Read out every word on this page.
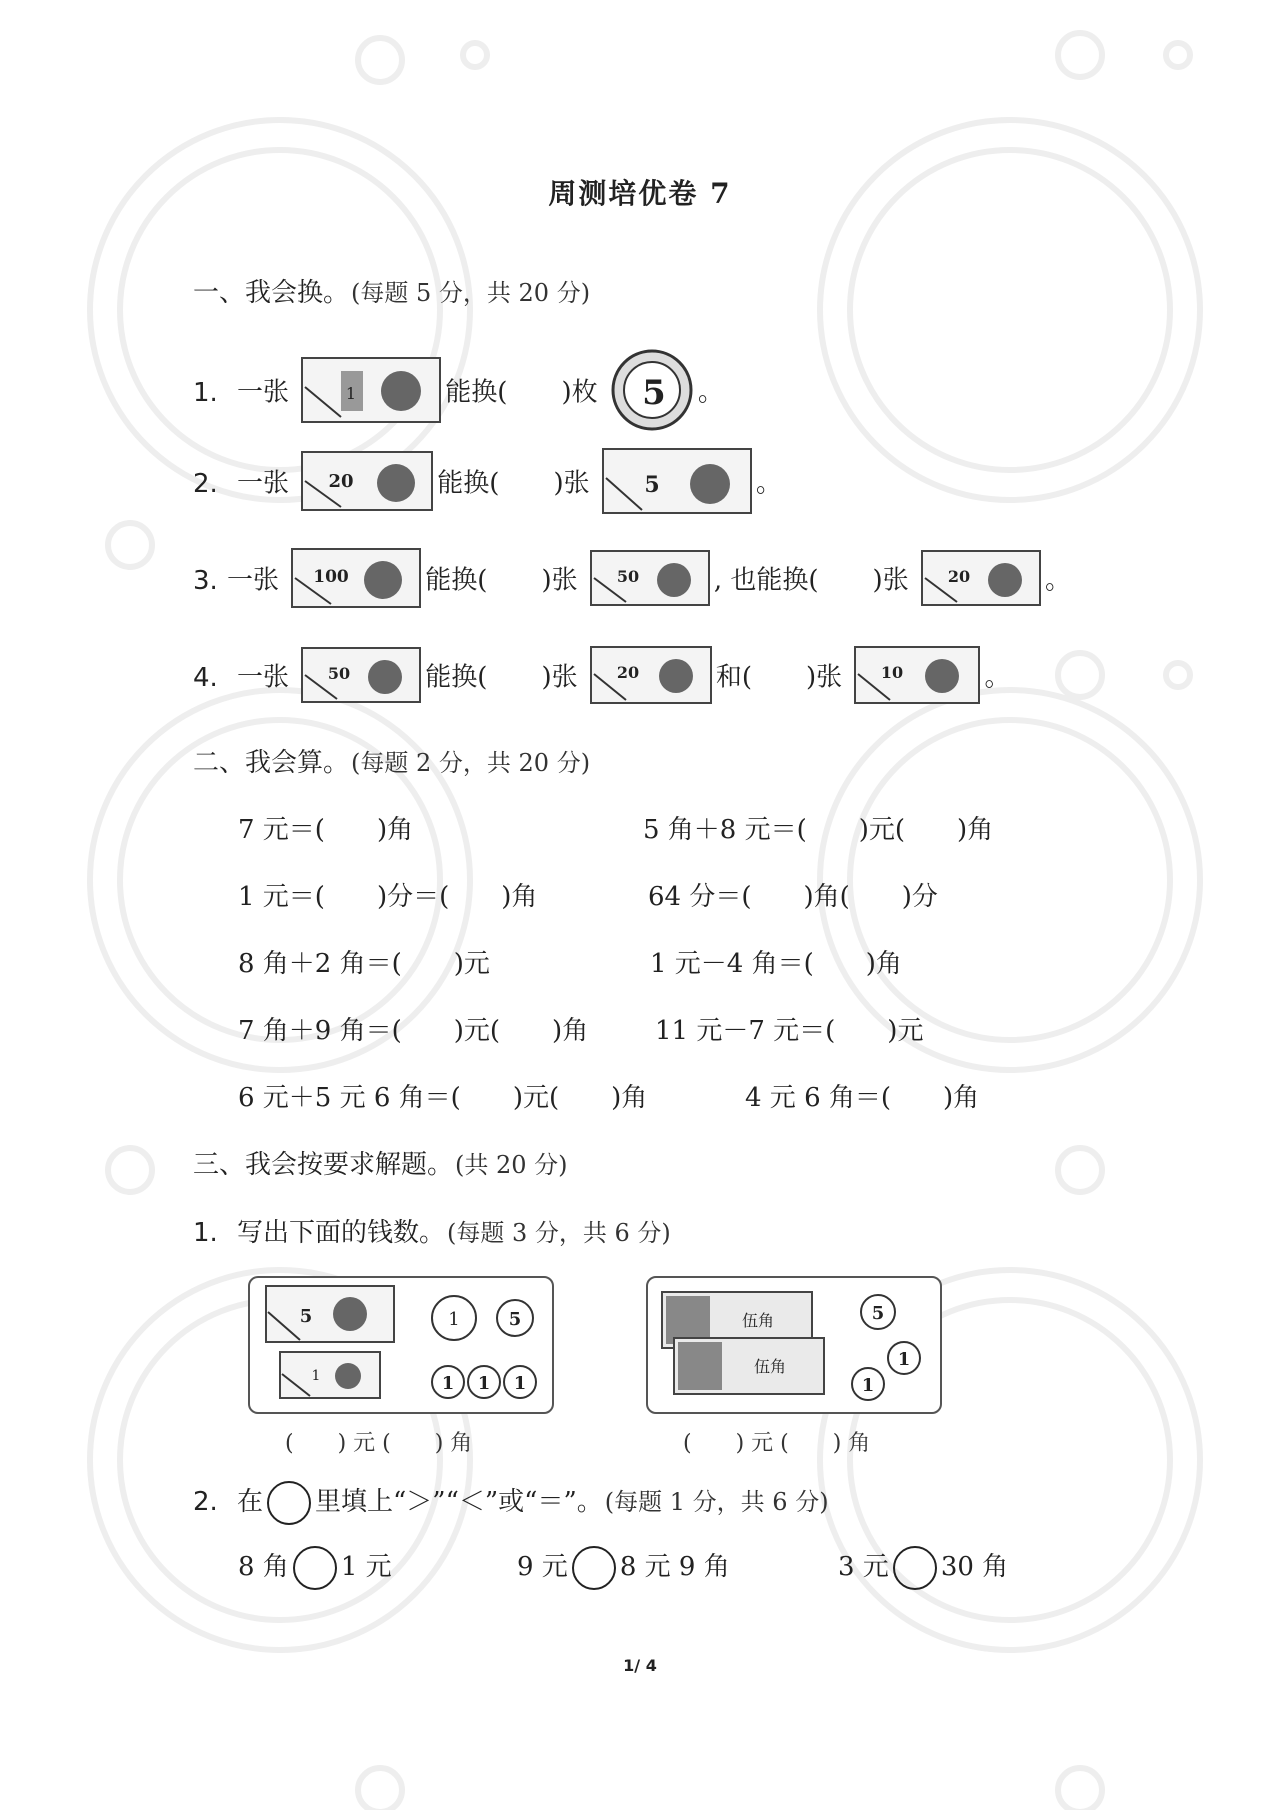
周测培优卷 7
一、我会换。(每题 5 分，共 20 分)
1. 一张	1	能换( )枚 5 。
2. 一张 20	能换( )张 5	。
3. 一张 100	能换( )张 50	, 也能换( )张 20	。
4. 一张 50	能换( )张 20	和( )张 10	。
二、我会算。(每题 2 分，共 20 分)
7 元＝(　　)角	5 角＋8 元＝(　　)元(　　)角
1 元＝(　　)分＝(　　)角	64 分＝(　　)角(　　)分
8 角＋2 角＝(　　)元	1 元－4 角＝(　　)角
7 角＋9 角＝(　　)元(　　)角	11 元－7 元＝(　　)元
6 元＋5 元 6 角＝(　　)元(　　)角	4 元 6 角＝(　　)角
三、我会按要求解题。(共 20 分)
1. 写出下面的钱数。(每题 3 分，共 6 分)
5
1
1	5
1 1 1
(　　) 元 (　　) 角
伍角
伍角
5
1
1
(　　) 元 (　　) 角
2. 在 里填上“＞”“＜”或“＝”。(每题 1 分，共 6 分)
8 角 1 元	9 元 8 元 9 角	3 元 30 角
1/ 4
